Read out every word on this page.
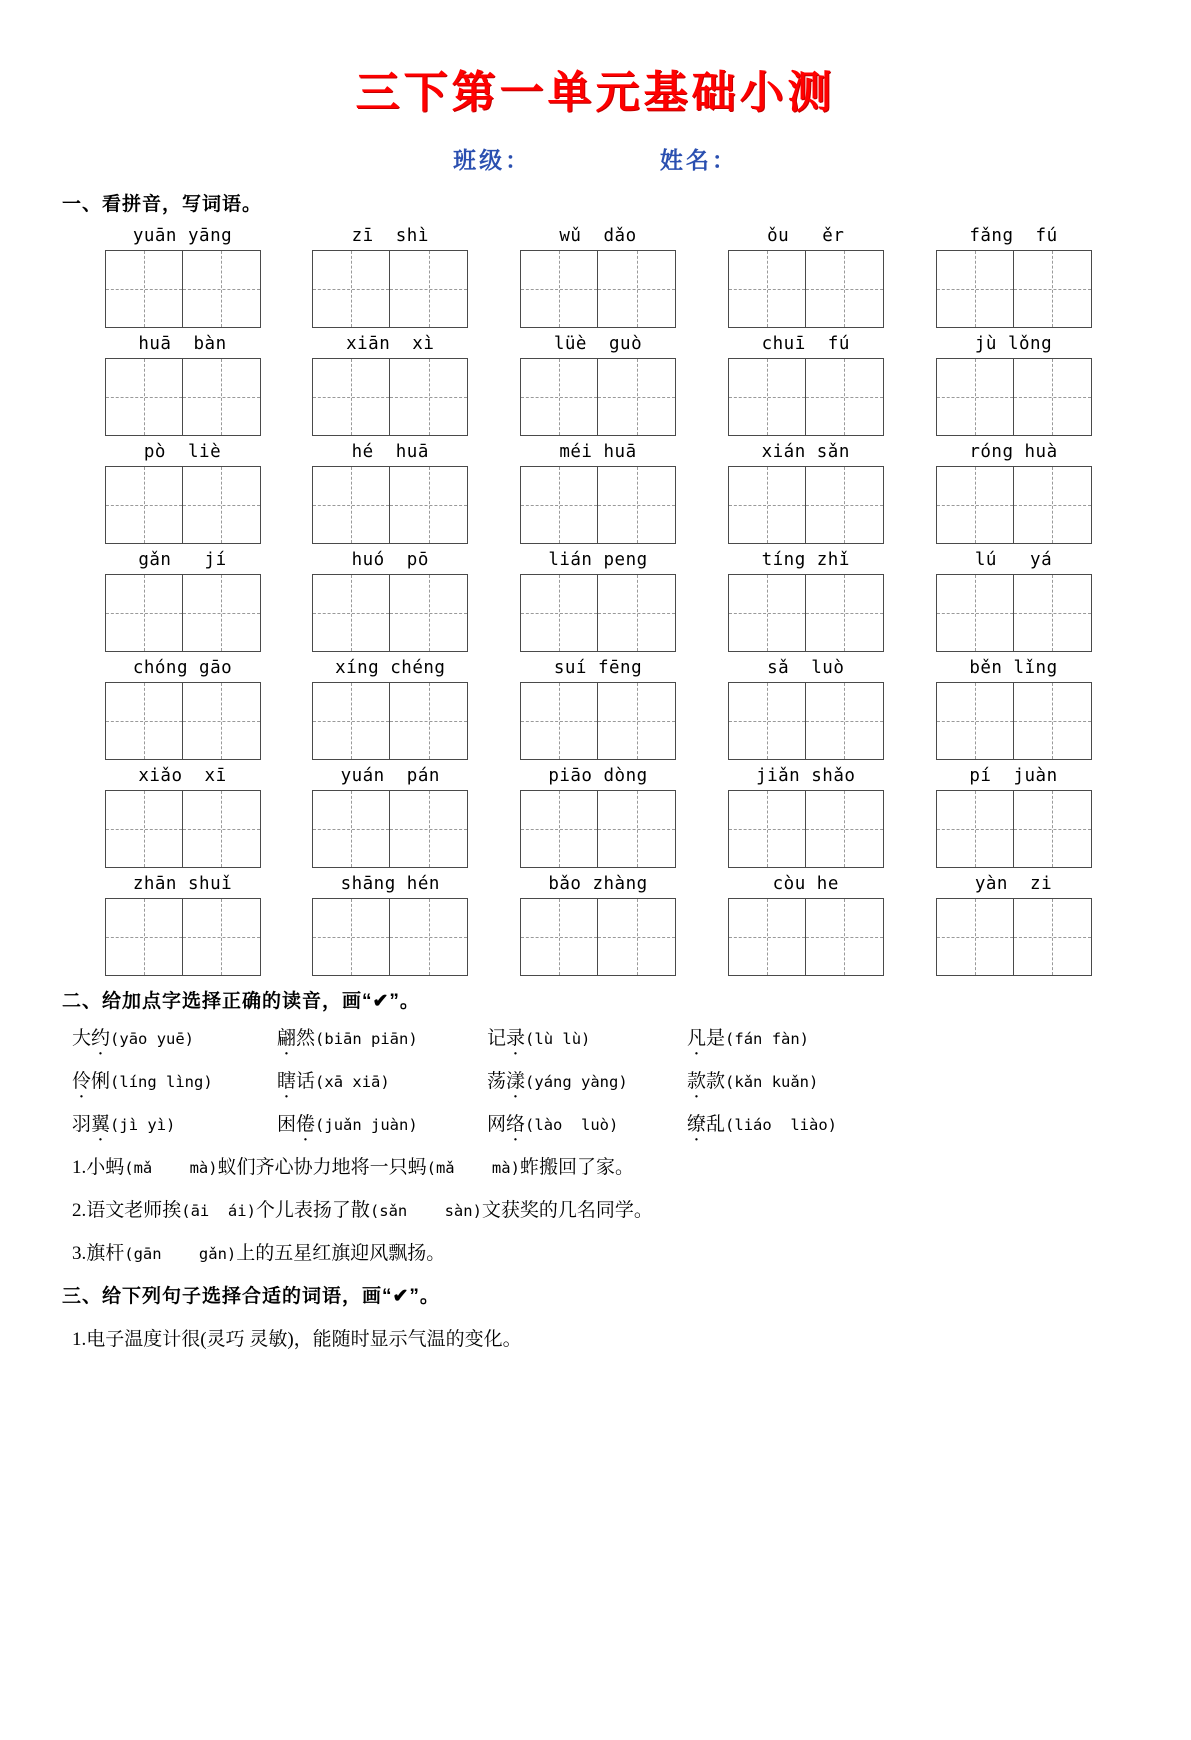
三下第一单元基础小测
班级：	姓名：
一、看拼音，写词语。
yuān yāng	zī  shì	wǔ  dǎo	ǒu   ěr	fǎng  fú
huā  bàn	xiān  xì	lüè  guò	chuī  fú	jù lǒng
pò  liè	hé  huā	méi huā	xián sǎn	róng huà
gǎn   jí	huó  pō	lián peng	tíng zhǐ	lú   yá
chóng gāo	xíng chéng	suí fēng	sǎ  luò	běn lǐng
xiǎo  xī	yuán  pán	piāo dòng	jiǎn shǎo	pí  juàn
zhān shuǐ	shāng hén	bǎo zhàng	còu he	yàn  zi
二、给加点字选择正确的读音，画“✔”。
大约(yāo yuē)	翩然(biān piān)	记录(lù lù)	凡是(fán fàn)
伶俐(líng lìng)	瞎话(xā xiā)	荡漾(yáng yàng)	款款(kǎn kuǎn)
羽翼(jì yì)	困倦(juǎn juàn)	网络(lào  luò)	缭乱(liáo  liào)
1.小蚂(mǎ    mà)蚁们齐心协力地将一只蚂(mǎ    mà)蚱搬回了家。
2.语文老师挨(āi  ái)个儿表扬了散(sǎn    sàn)文获奖的几名同学。
3.旗杆(gān    gǎn)上的五星红旗迎风飘扬。
三、给下列句子选择合适的词语，画“✔”。
1.电子温度计很(灵巧 灵敏)，能随时显示气温的变化。
